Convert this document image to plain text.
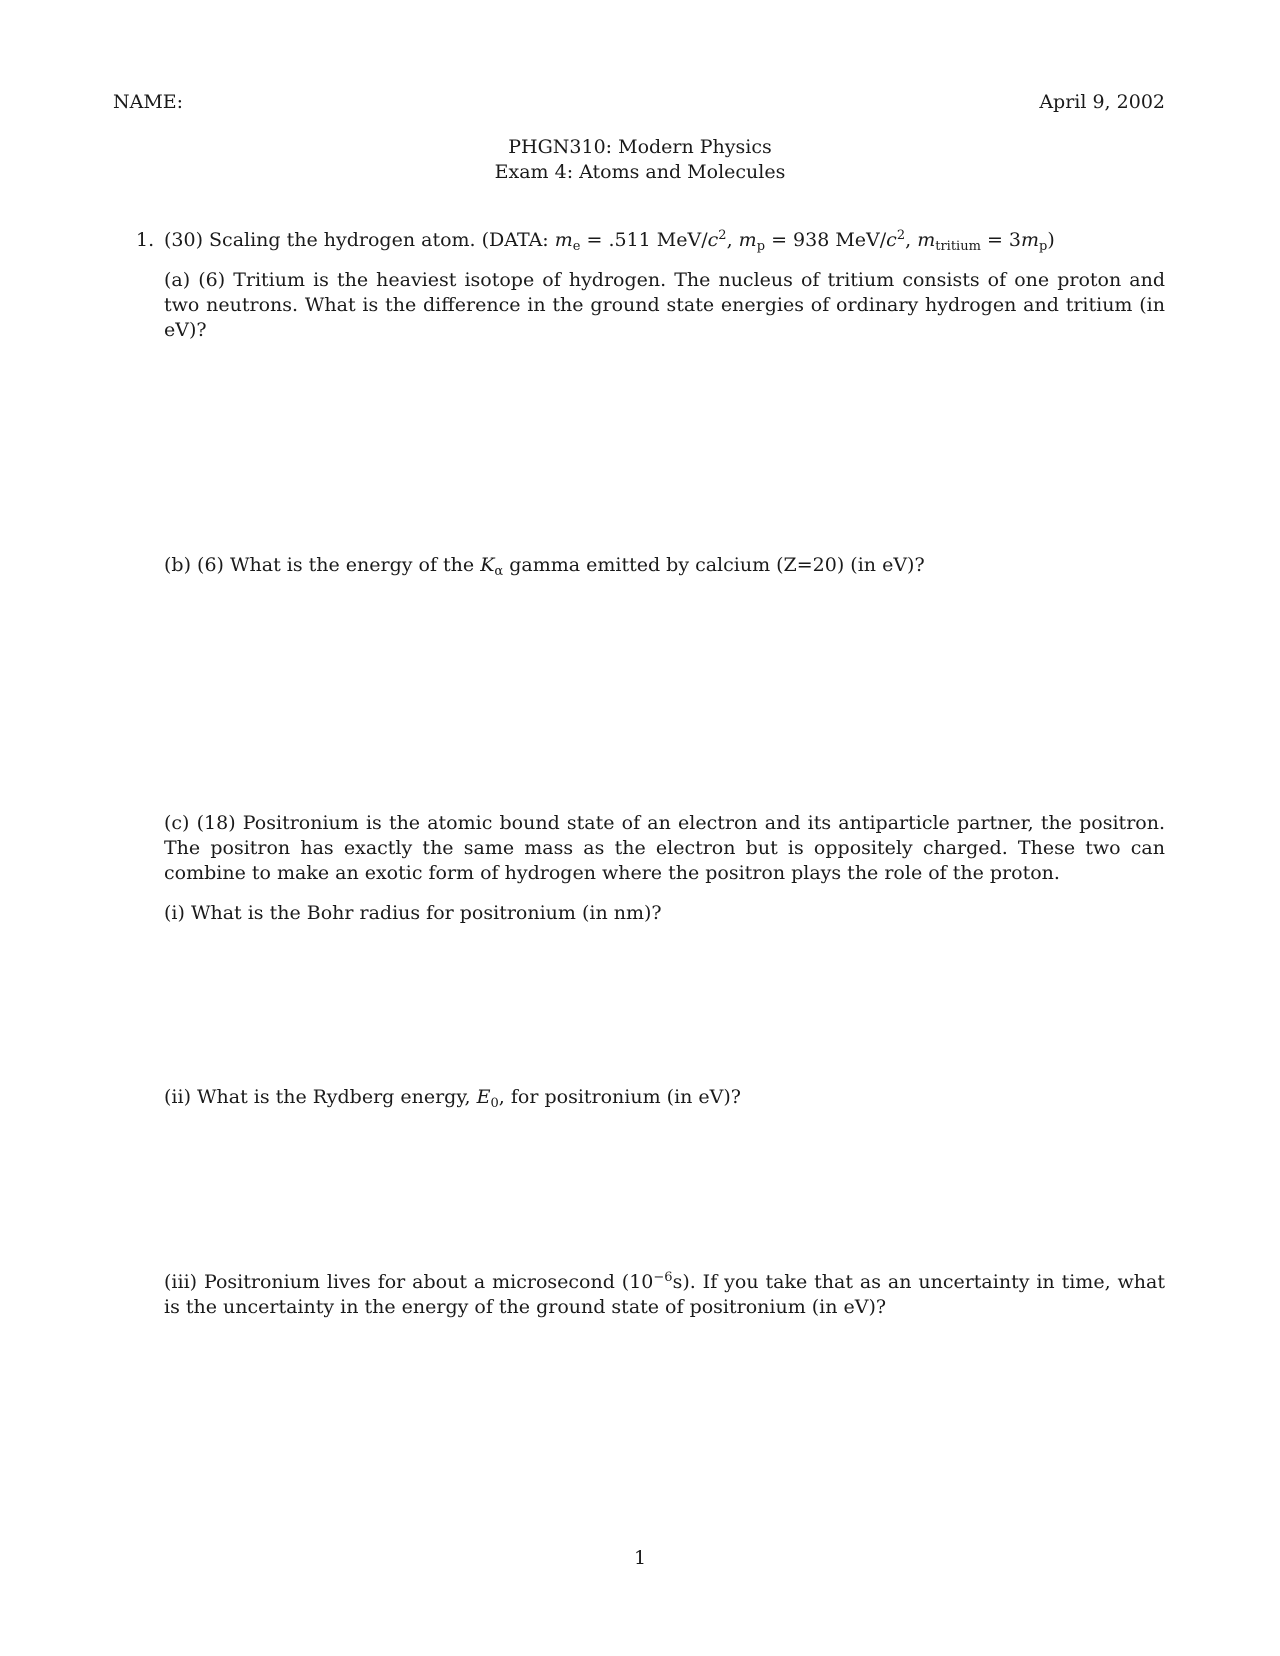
NAME:	April 9, 2002
PHGN310: Modern Physics
Exam 4: Atoms and Molecules
1. (30) Scaling the hydrogen atom. (DATA: $m_e = .511$ MeV/$c^2$, $m_p = 938$ MeV/$c^2$, $m_{tritium} = 3m_p$)
(a) (6) Tritium is the heaviest isotope of hydrogen. The nucleus of tritium consists of one proton and two neutrons. What is the difference in the ground state energies of ordinary hydrogen and tritium (in eV)?
(b) (6) What is the energy of the $K_\alpha$ gamma emitted by calcium (Z=20) (in eV)?
(c) (18) Positronium is the atomic bound state of an electron and its antiparticle partner, the positron. The positron has exactly the same mass as the electron but is oppositely charged. These two can combine to make an exotic form of hydrogen where the positron plays the role of the proton.
(i) What is the Bohr radius for positronium (in nm)?
(ii) What is the Rydberg energy, $E_0$, for positronium (in eV)?
(iii) Positronium lives for about a microsecond $(10^{-6}s)$. If you take that as an uncertainty in time, what is the uncertainty in the energy of the ground state of positronium (in eV)?
1
